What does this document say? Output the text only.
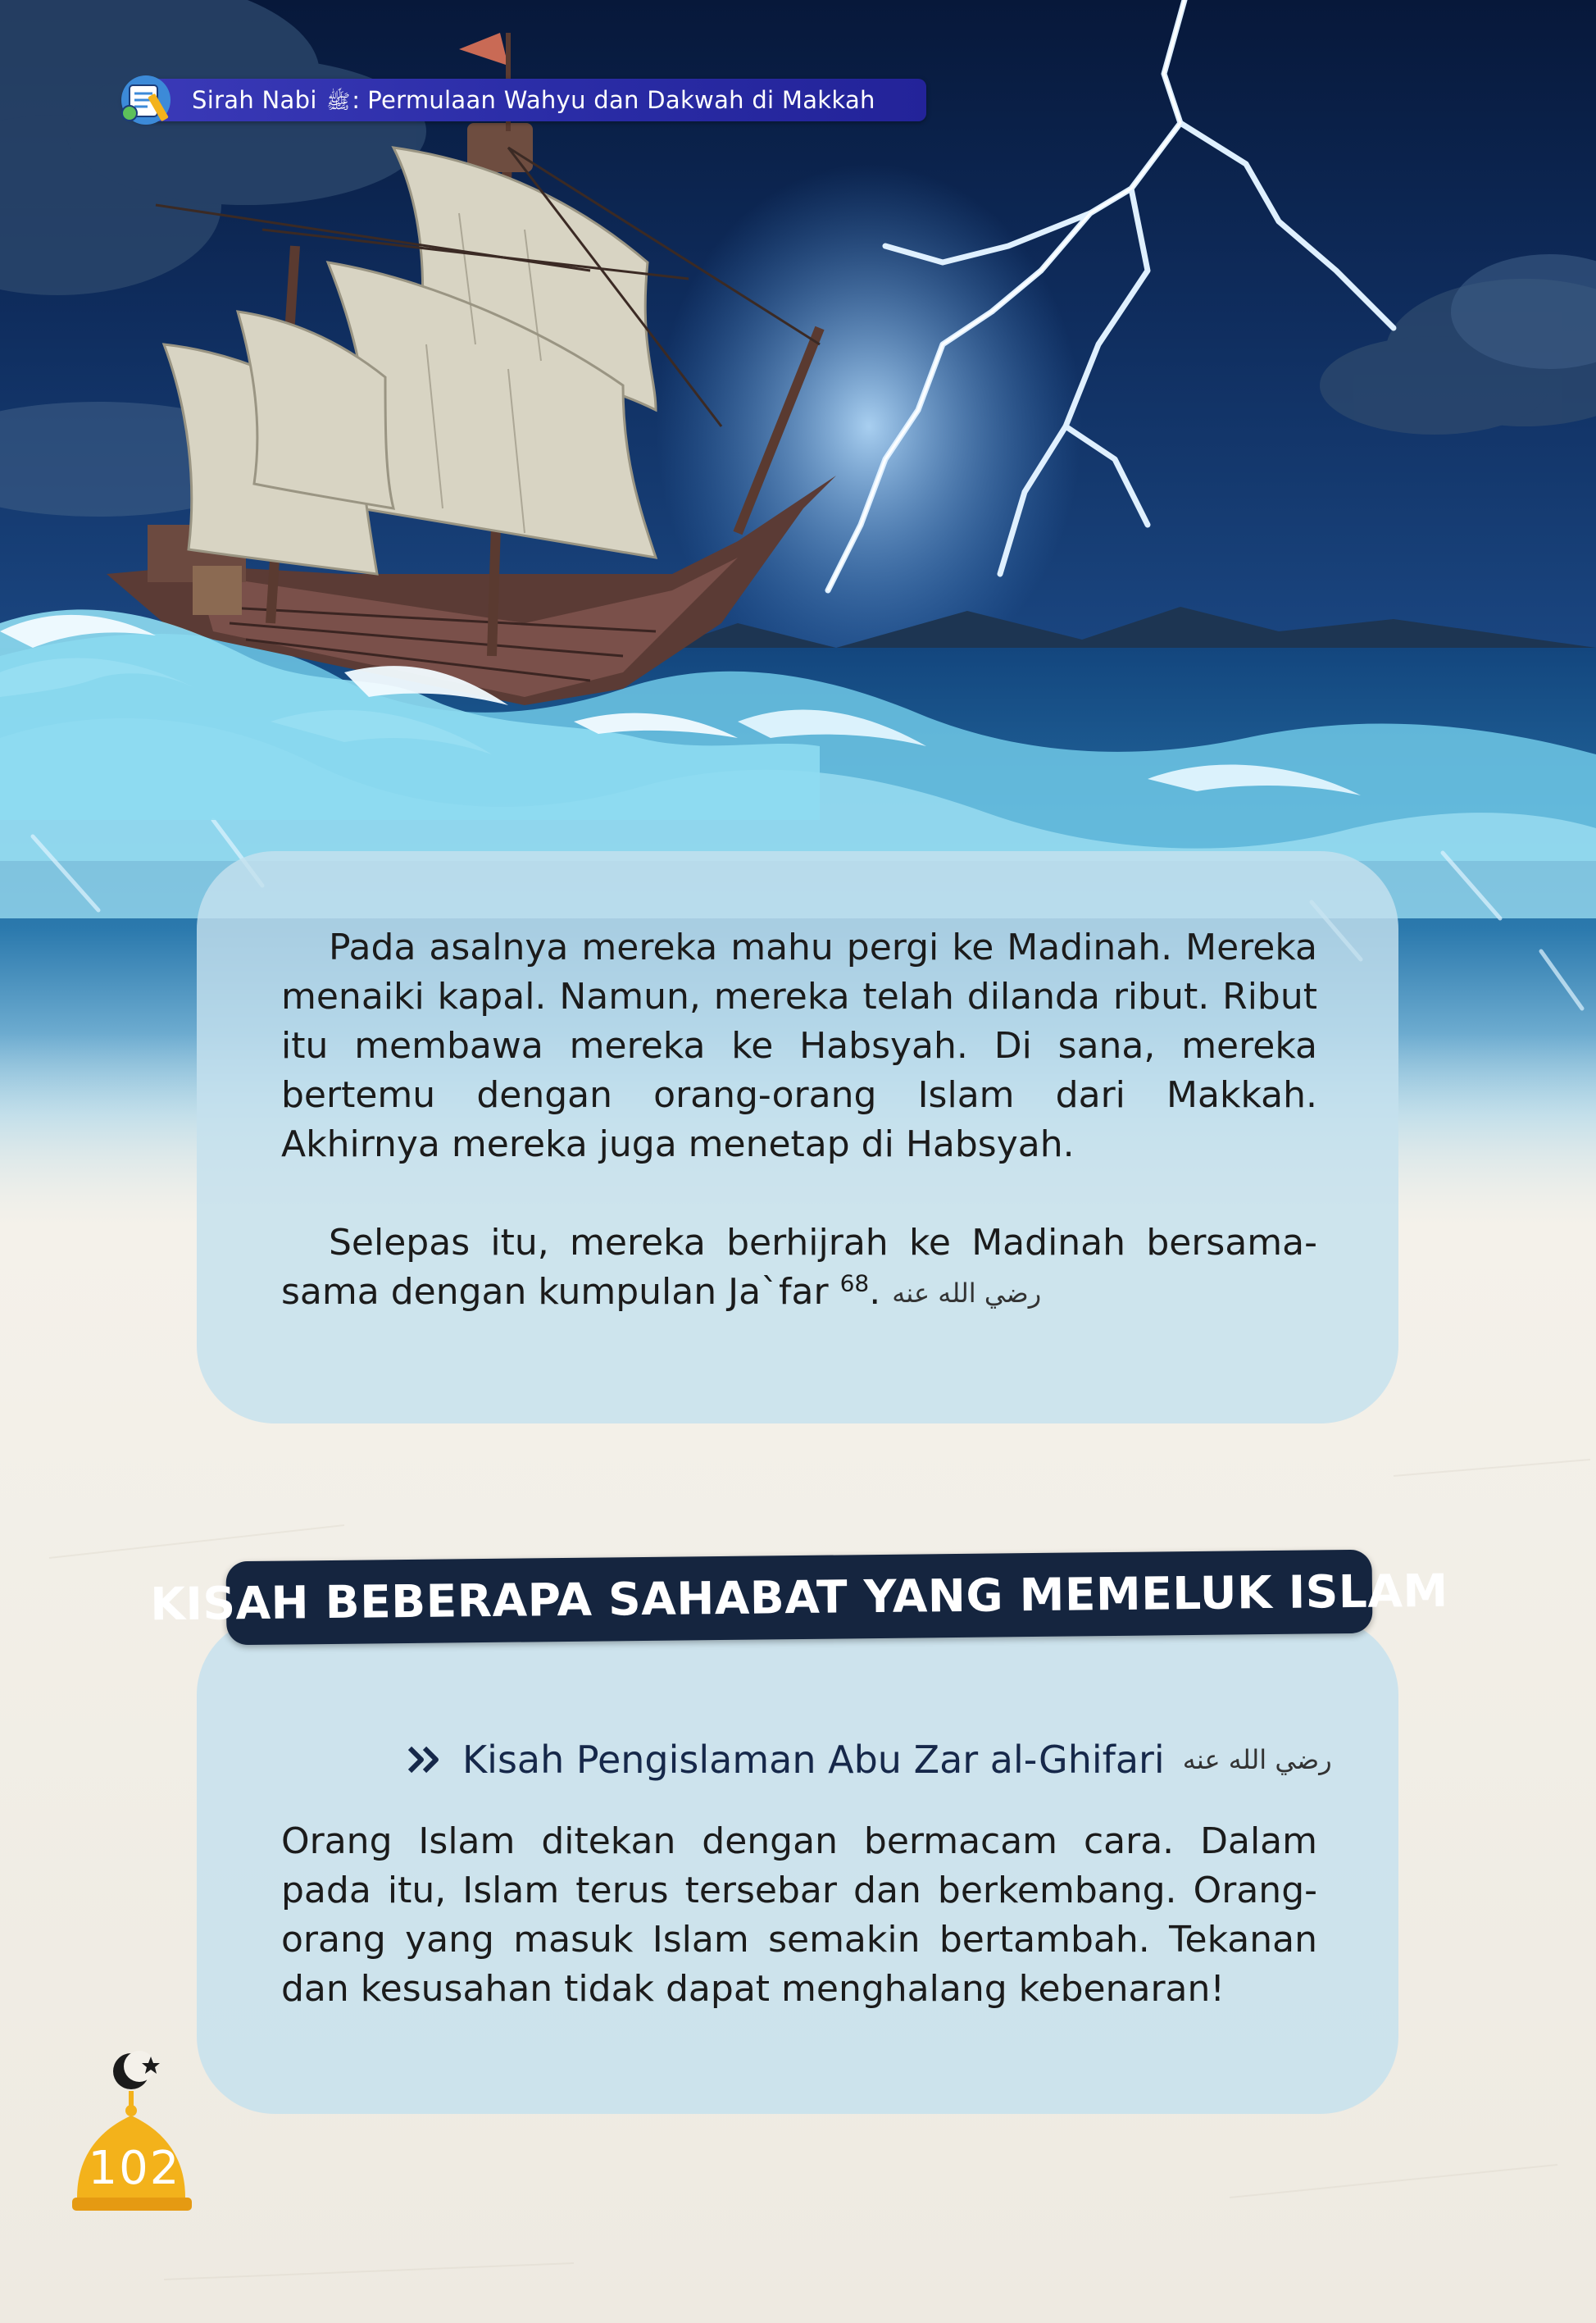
Sirah Nabi ﷺ: Permulaan Wahyu dan Dakwah di Makkah
Pada asalnya mereka mahu pergi ke Madinah. Mereka menaiki kapal. Namun, mereka telah dilanda ribut. Ribut itu membawa mereka ke Habsyah. Di sana, mereka bertemu dengan orang-orang Islam dari Makkah. Akhirnya mereka juga menetap di Habsyah.
Selepas itu, mereka berhijrah ke Madinah bersama-sama dengan kumpulan Ja`far رضي الله عنه .$^{68}$
KISAH BEBERAPA SAHABAT YANG MEMELUK ISLAM
Kisah Pengislaman Abu Zar al-Ghifari رضي الله عنه
Orang Islam ditekan dengan bermacam cara. Dalam pada itu, Islam terus tersebar dan berkembang. Orang-orang yang masuk Islam semakin bertambah. Tekanan dan kesusahan tidak dapat menghalang kebenaran!
102
